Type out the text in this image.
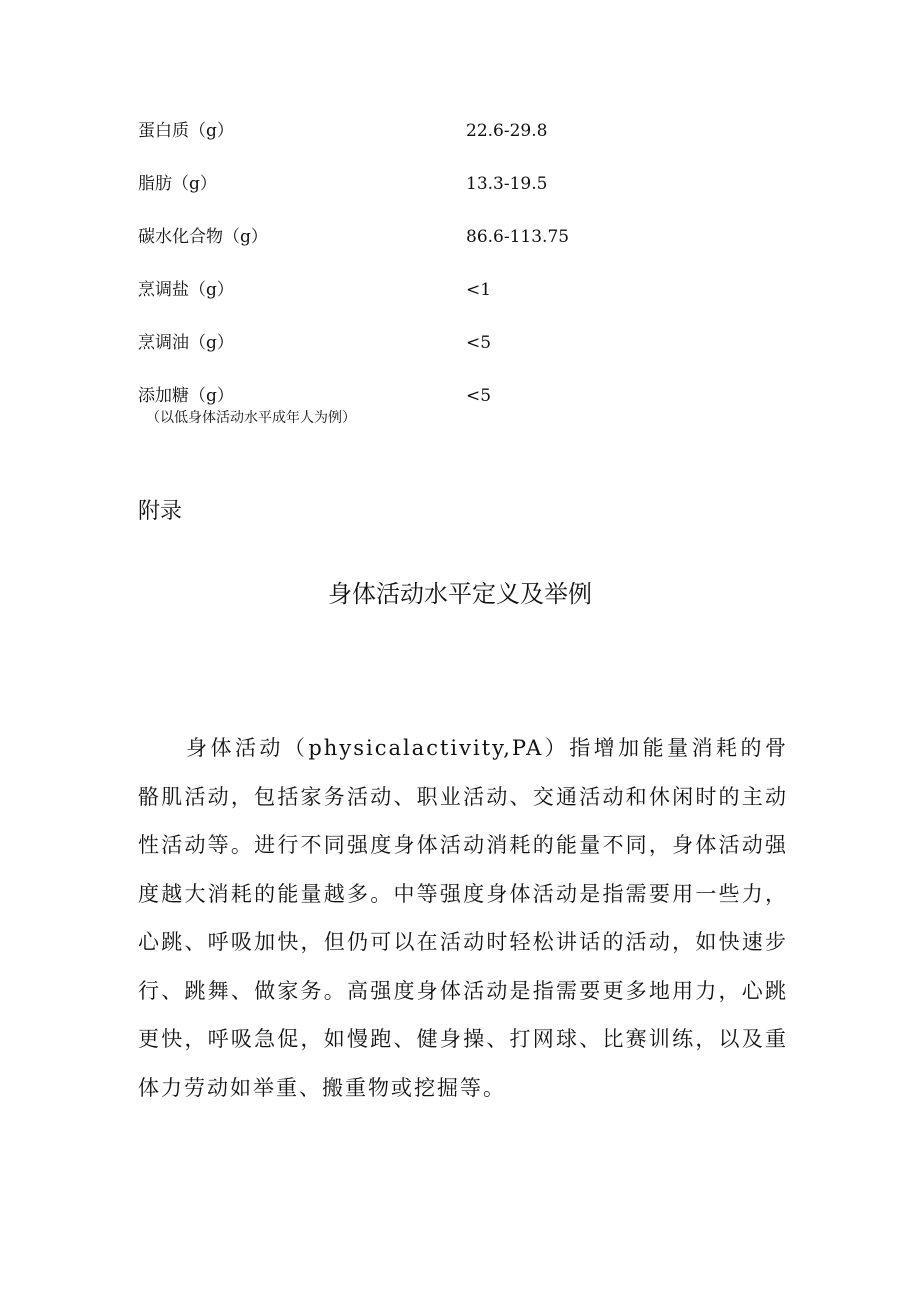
蛋白质（g）	22.6-29.8
脂肪（g）	13.3-19.5
碳水化合物（g）	86.6-113.75
烹调盐（g）	<1
烹调油（g）	<5
添加糖（g）	<5
（以低身体活动水平成年人为例）
附录
身体活动水平定义及举例

身体活动（physicalactivity,PA）指增加能量消耗的骨骼肌活动，包括家务活动、职业活动、交通活动和休闲时的主动性活动等。进行不同强度身体活动消耗的能量不同，身体活动强度越大消耗的能量越多。中等强度身体活动是指需要用一些力，心跳、呼吸加快，但仍可以在活动时轻松讲话的活动，如快速步行、跳舞、做家务。高强度身体活动是指需要更多地用力，心跳更快，呼吸急促，如慢跑、健身操、打网球、比赛训练，以及重体力劳动如举重、搬重物或挖掘等。
